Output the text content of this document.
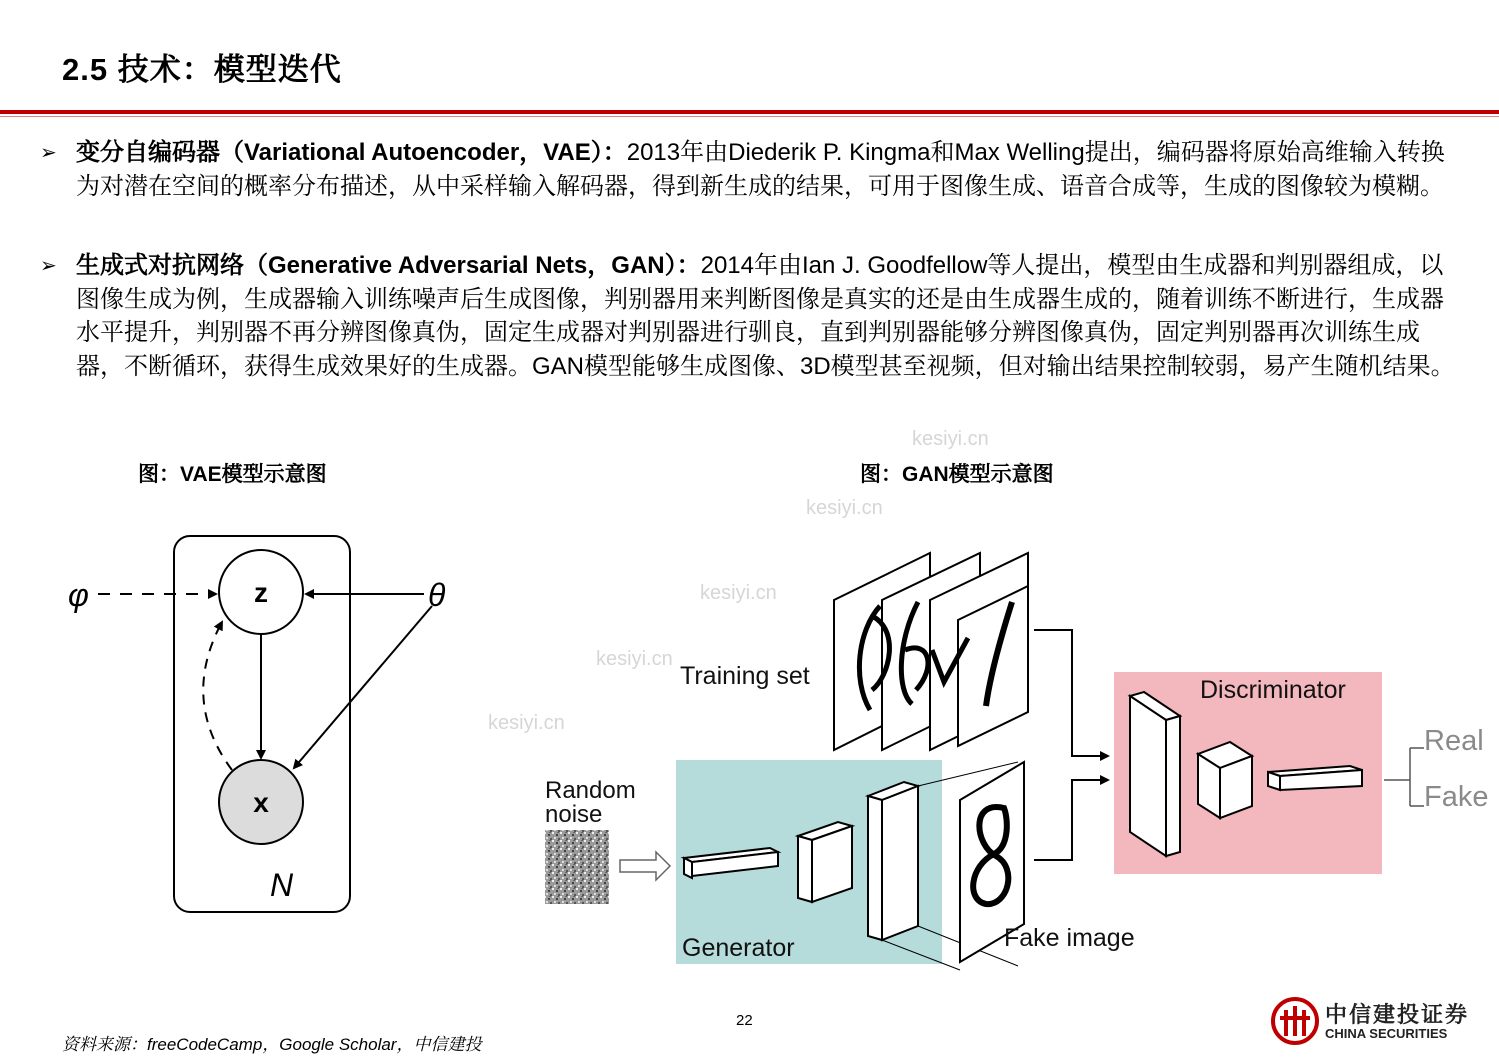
2.5 技术：模型迭代
➢ 变分自编码器（Variational Autoencoder，VAE）：2013年由Diederik P. Kingma和Max Welling提出，编码器将原始高维输入转换为对潜在空间的概率分布描述，从中采样输入解码器，得到新生成的结果，可用于图像生成、语音合成等，生成的图像较为模糊。
➢ 生成式对抗网络（Generative Adversarial Nets，GAN）：2014年由Ian J. Goodfellow等人提出，模型由生成器和判别器组成，以图像生成为例，生成器输入训练噪声后生成图像，判别器用来判断图像是真实的还是由生成器生成的，随着训练不断进行，生成器水平提升，判别器不再分辨图像真伪，固定生成器对判别器进行驯良，直到判别器能够分辨图像真伪，固定判别器再次训练生成器，不断循环，获得生成效果好的生成器。GAN模型能够生成图像、3D模型甚至视频，但对输出结果控制较弱，易产生随机结果。
kesiyi.cn
kesiyi.cn
kesiyi.cn
kesiyi.cn
kesiyi.cn
图：VAE模型示意图	图：GAN模型示意图
z
x
φ	θ
N
Generator
Discriminator
Training set
Random
noise
Fake image
Real
Fake
22
资料来源：freeCodeCamp，Google Scholar，中信建投
中信建投证券
CHINA SECURITIES
